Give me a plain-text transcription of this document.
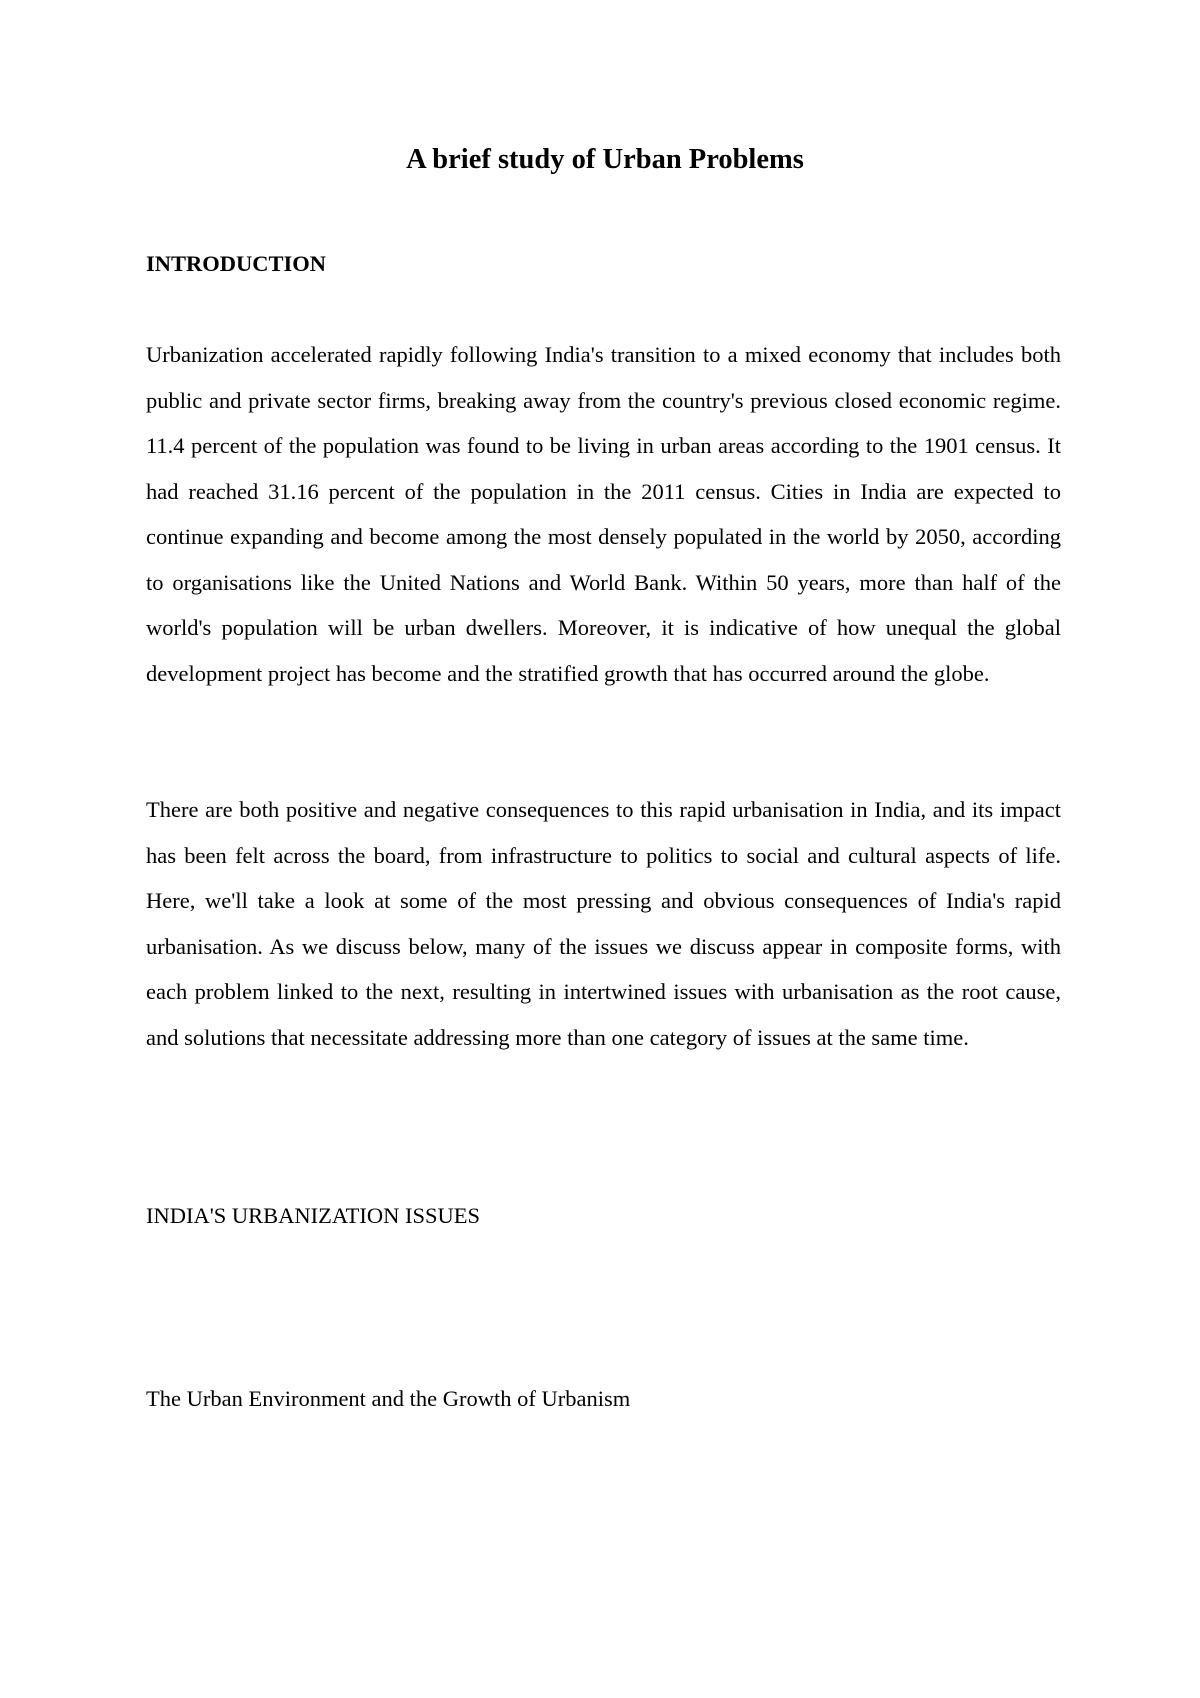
A brief study of Urban Problems
INTRODUCTION

Urbanization accelerated rapidly following India's transition to a mixed economy that includes both public and private sector firms, breaking away from the country's previous closed economic regime. 11.4 percent of the population was found to be living in urban areas according to the 1901 census. It had reached 31.16 percent of the population in the 2011 census. Cities in India are expected to continue expanding and become among the most densely populated in the world by 2050, according to organisations like the United Nations and World Bank. Within 50 years, more than half of the world's population will be urban dwellers. Moreover, it is indicative of how unequal the global development project has become and the stratified growth that has occurred around the globe.

There are both positive and negative consequences to this rapid urbanisation in India, and its impact has been felt across the board, from infrastructure to politics to social and cultural aspects of life. Here, we'll take a look at some of the most pressing and obvious consequences of India's rapid urbanisation. As we discuss below, many of the issues we discuss appear in composite forms, with each problem linked to the next, resulting in intertwined issues with urbanisation as the root cause, and solutions that necessitate addressing more than one category of issues at the same time.

INDIA'S URBANIZATION ISSUES
The Urban Environment and the Growth of Urbanism
